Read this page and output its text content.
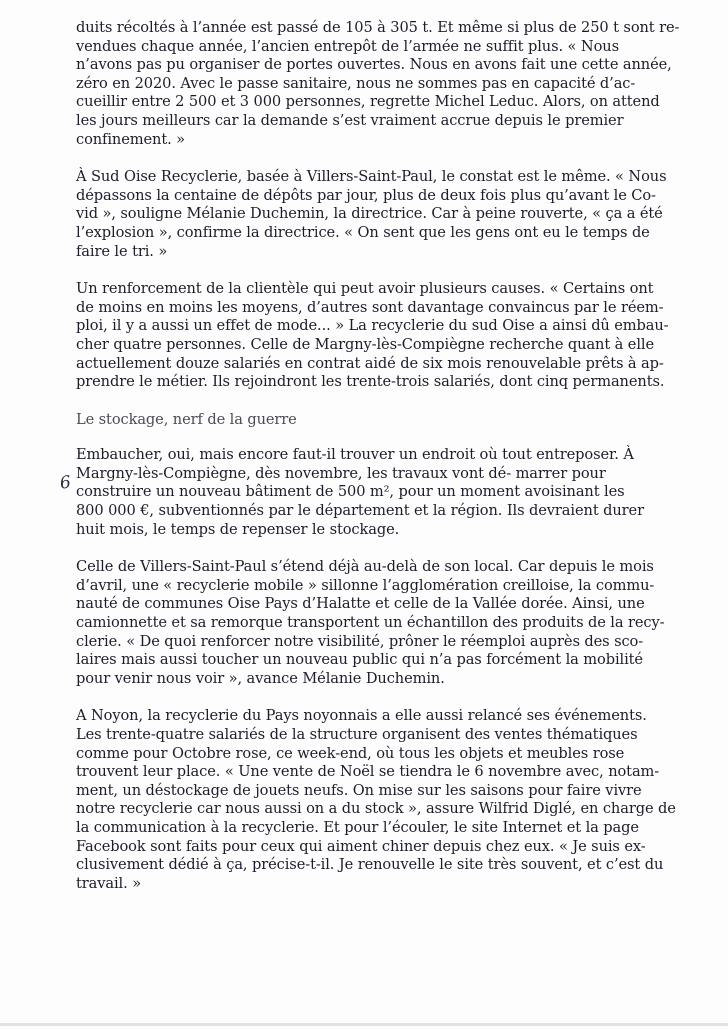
duits récoltés à l’année est passé de 105 à 305 t. Et même si plus de 250 t sont re-
vendues chaque année, l’ancien entrepôt de l’armée ne suffit plus. « Nous
n’avons pas pu organiser de portes ouvertes. Nous en avons fait une cette année,
zéro en 2020. Avec le passe sanitaire, nous ne sommes pas en capacité d’ac-
cueillir entre 2 500 et 3 000 personnes, regrette Michel Leduc. Alors, on attend
les jours meilleurs car la demande s’est vraiment accrue depuis le premier
confinement. »

À Sud Oise Recyclerie, basée à Villers-Saint-Paul, le constat est le même. « Nous
dépassons la centaine de dépôts par jour, plus de deux fois plus qu’avant le Co-
vid », souligne Mélanie Duchemin, la directrice. Car à peine rouverte, « ça a été
l’explosion », confirme la directrice. « On sent que les gens ont eu le temps de
faire le tri. »

Un renforcement de la clientèle qui peut avoir plusieurs causes. « Certains ont
de moins en moins les moyens, d’autres sont davantage convaincus par le réem-
ploi, il y a aussi un effet de mode... » La recyclerie du sud Oise a ainsi dû embau-
cher quatre personnes. Celle de Margny-lès-Compiègne recherche quant à elle
actuellement douze salariés en contrat aidé de six mois renouvelable prêts à ap-
prendre le métier. Ils rejoindront les trente-trois salariés, dont cinq permanents.

Le stockage, nerf de la guerre

Embaucher, oui, mais encore faut-il trouver un endroit où tout entreposer. À
Margny-lès-Compiègne, dès novembre, les travaux vont dé- marrer pour
construire un nouveau bâtiment de 500 m², pour un moment avoisinant les
800 000 €, subventionnés par le département et la région. Ils devraient durer
huit mois, le temps de repenser le stockage.

Celle de Villers-Saint-Paul s’étend déjà au-delà de son local. Car depuis le mois
d’avril, une « recyclerie mobile » sillonne l’agglomération creilloise, la commu-
nauté de communes Oise Pays d’Halatte et celle de la Vallée dorée. Ainsi, une
camionnette et sa remorque transportent un échantillon des produits de la recy-
clerie. « De quoi renforcer notre visibilité, prôner le réemploi auprès des sco-
laires mais aussi toucher un nouveau public qui n’a pas forcément la mobilité
pour venir nous voir », avance Mélanie Duchemin.

A Noyon, la recyclerie du Pays noyonnais a elle aussi relancé ses événements.
Les trente-quatre salariés de la structure organisent des ventes thématiques
comme pour Octobre rose, ce week-end, où tous les objets et meubles rose
trouvent leur place. « Une vente de Noël se tiendra le 6 novembre avec, notam-
ment, un déstockage de jouets neufs. On mise sur les saisons pour faire vivre
notre recyclerie car nous aussi on a du stock », assure Wilfrid Diglé, en charge de
la communication à la recyclerie. Et pour l’écouler, le site Internet et la page
Facebook sont faits pour ceux qui aiment chiner depuis chez eux. « Je suis ex-
clusivement dédié à ça, précise-t-il. Je renouvelle le site très souvent, et c’est du
travail. »

6
